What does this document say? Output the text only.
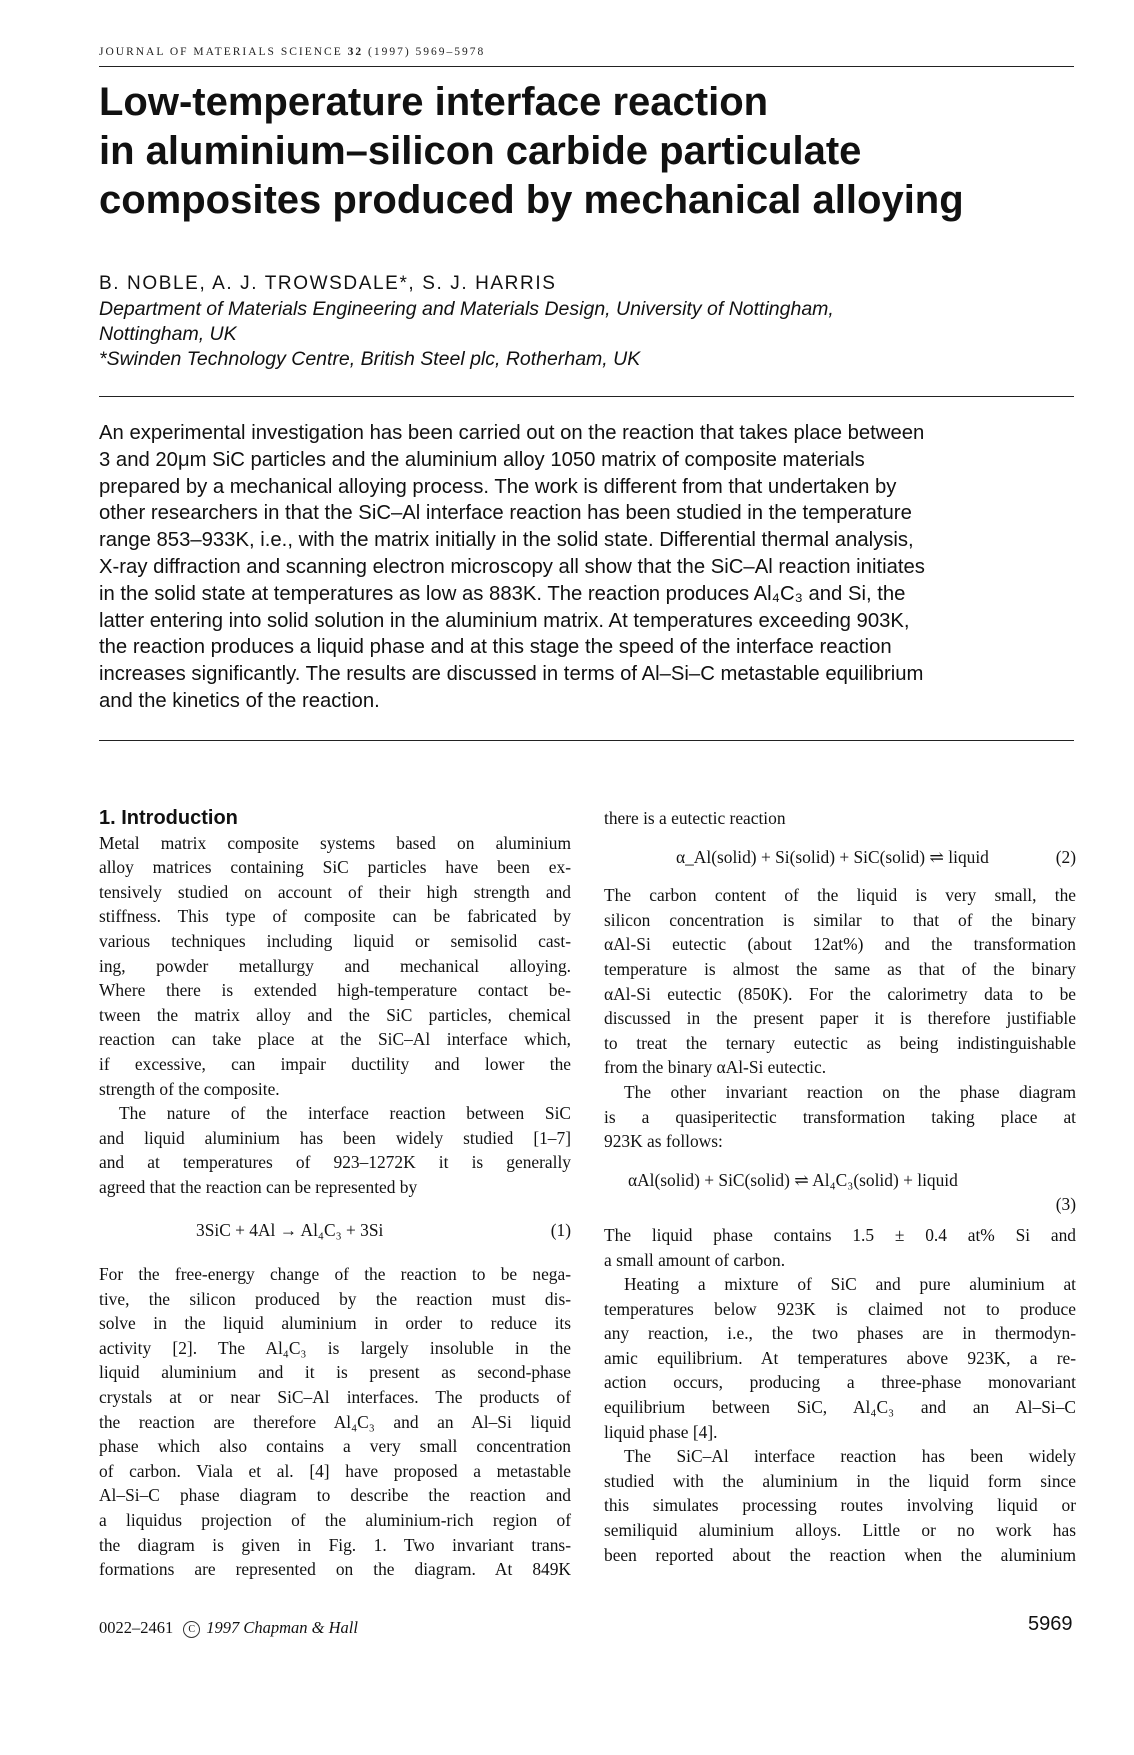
JOURNAL OF MATERIALS SCIENCE 32 (1997) 5969–5978
Low-temperature interface reaction
in aluminium–silicon carbide particulate
composites produced by mechanical alloying
B. NOBLE, A. J. TROWSDALE*, S. J. HARRIS
Department of Materials Engineering and Materials Design, University of Nottingham,
Nottingham, UK
*Swinden Technology Centre, British Steel plc, Rotherham, UK
An experimental investigation has been carried out on the reaction that takes place between
3 and 20μm SiC particles and the aluminium alloy 1050 matrix of composite materials
prepared by a mechanical alloying process. The work is different from that undertaken by
other researchers in that the SiC–Al interface reaction has been studied in the temperature
range 853–933K, i.e., with the matrix initially in the solid state. Differential thermal analysis,
X-ray diffraction and scanning electron microscopy all show that the SiC–Al reaction initiates
in the solid state at temperatures as low as 883K. The reaction produces Al₄C₃ and Si, the
latter entering into solid solution in the aluminium matrix. At temperatures exceeding 903K,
the reaction produces a liquid phase and at this stage the speed of the interface reaction
increases significantly. The results are discussed in terms of Al–Si–C metastable equilibrium
and the kinetics of the reaction.
1. Introduction

Metal matrix composite systems based on aluminium
alloy matrices containing SiC particles have been ex-
tensively studied on account of their high strength and
stiffness. This type of composite can be fabricated by
various techniques including liquid or semisolid cast-
ing, powder metallurgy and mechanical alloying.
Where there is extended high-temperature contact be-
tween the matrix alloy and the SiC particles, chemical
reaction can take place at the SiC–Al interface which,
if excessive, can impair ductility and lower the
strength of the composite.

The nature of the interface reaction between SiC
and liquid aluminium has been widely studied [1–7]
and at temperatures of 923–1272K it is generally
agreed that the reaction can be represented by

3SiC + 4Al → Al₄C₃ + 3Si	(1)

For the free-energy change of the reaction to be nega-
tive, the silicon produced by the reaction must dis-
solve in the liquid aluminium in order to reduce its
activity [2]. The Al₄C₃ is largely insoluble in the
liquid aluminium and it is present as second-phase
crystals at or near SiC–Al interfaces. The products of
the reaction are therefore Al₄C₃ and an Al–Si liquid
phase which also contains a very small concentration
of carbon. Viala et al. [4] have proposed a metastable
Al–Si–C phase diagram to describe the reaction and
a liquidus projection of the aluminium-rich region of
the diagram is given in Fig. 1. Two invariant trans-
formations are represented on the diagram. At 849K

there is a eutectic reaction
α_Al(solid) + Si(solid) + SiC(solid) ⇌ liquid	(2)

The carbon content of the liquid is very small, the
silicon concentration is similar to that of the binary
αAl-Si eutectic (about 12at%) and the transformation
temperature is almost the same as that of the binary
αAl-Si eutectic (850K). For the calorimetry data to be
discussed in the present paper it is therefore justifiable
to treat the ternary eutectic as being indistinguishable
from the binary αAl-Si eutectic.

The other invariant reaction on the phase diagram
is a quasiperitectic transformation taking place at
923K as follows:

αAl(solid) + SiC(solid) ⇌ Al₄C₃(solid) + liquid
(3)

The liquid phase contains 1.5 ± 0.4 at% Si and
a small amount of carbon.

Heating a mixture of SiC and pure aluminium at
temperatures below 923K is claimed not to produce
any reaction, i.e., the two phases are in thermodyn-
amic equilibrium. At temperatures above 923K, a re-
action occurs, producing a three-phase monovariant
equilibrium between SiC, Al₄C₃ and an Al–Si–C
liquid phase [4].

The SiC–Al interface reaction has been widely
studied with the aluminium in the liquid form since
this simulates processing routes involving liquid or
semiliquid aluminium alloys. Little or no work has
been reported about the reaction when the aluminium

0022–2461 C 1997 Chapman & Hall	5969
